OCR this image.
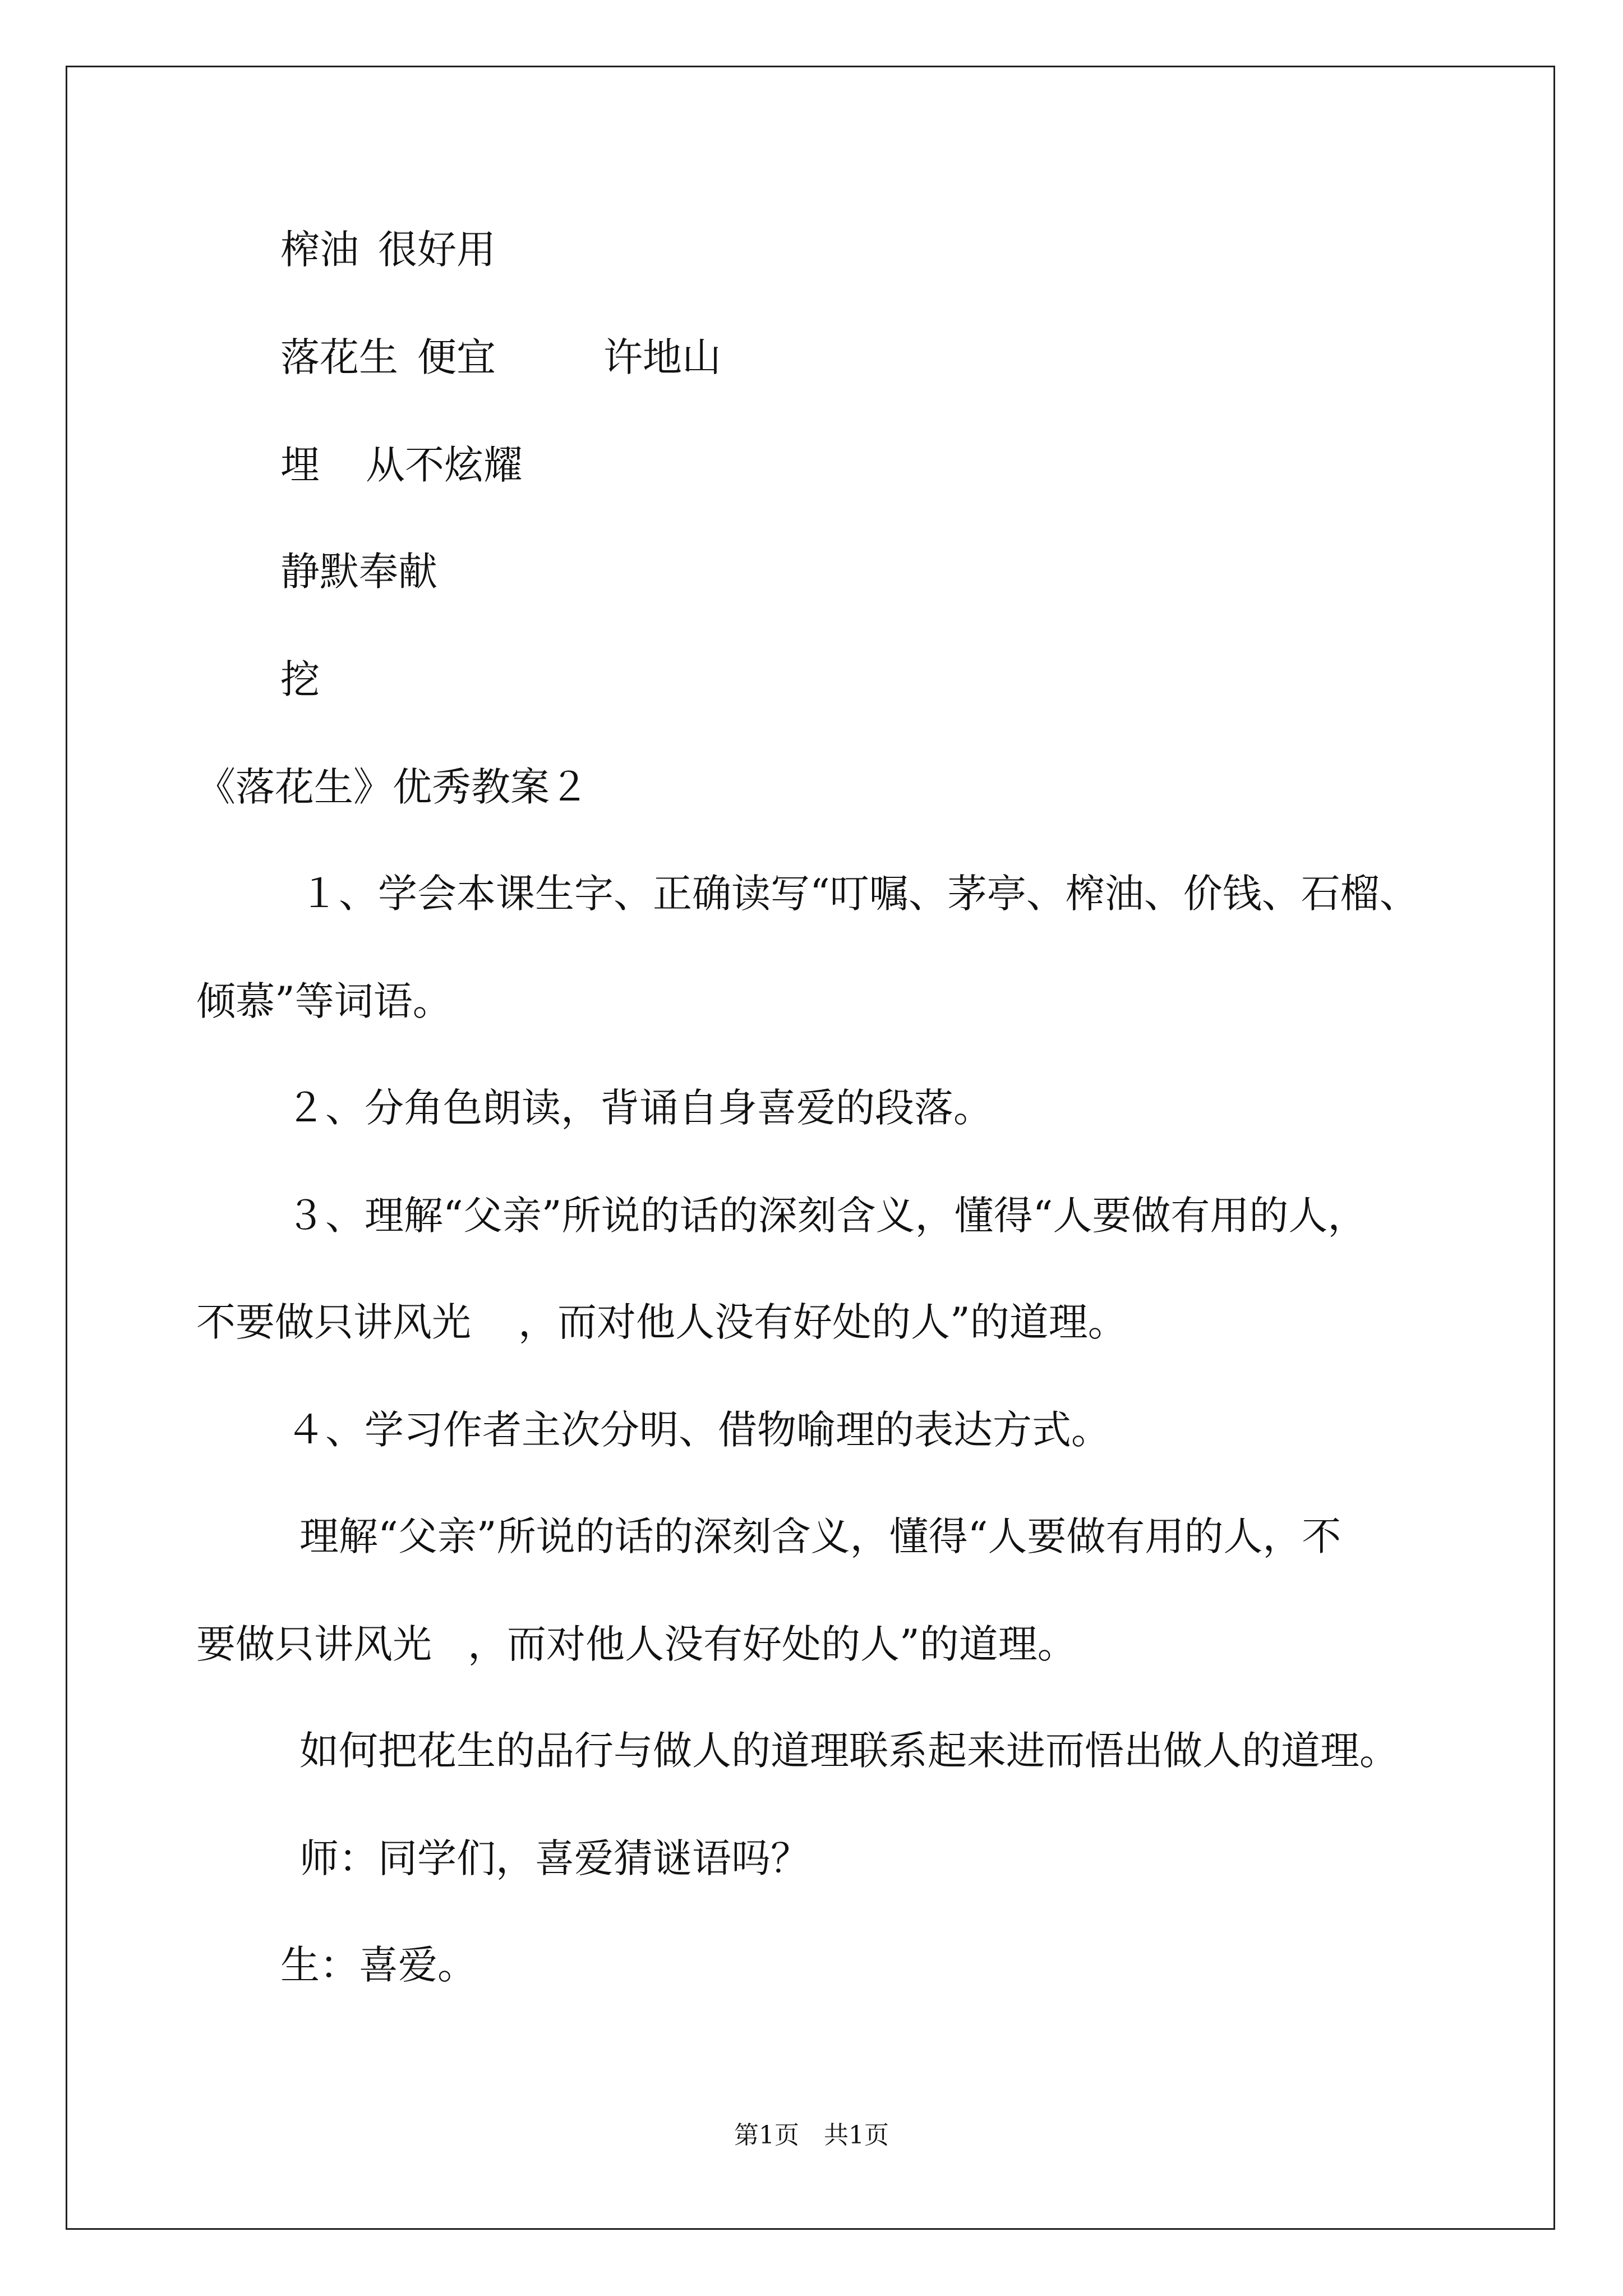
榨油 很好用
落花生 便宜	许地山
埋 从不炫耀
静默奉献
挖
《落花生》优秀教案２
１、学会本课生字、正确读写“叮嘱、茅亭、榨油、价钱、石榴、
倾慕”等词语。
２、分角色朗读，背诵自身喜爱的段落。
３、理解“父亲”所说的话的深刻含义，懂得“人要做有用的人，
不要做只讲风光 ，而对他人没有好处的人”的道理。
４、学习作者主次分明、借物喻理的表达方式。
理解“父亲”所说的话的深刻含义，懂得“人要做有用的人，不
要做只讲风光 ，而对他人没有好处的人”的道理。
如何把花生的品行与做人的道理联系起来进而悟出做人的道理。
师：同学们，喜爱猜谜语吗？
生：喜爱。
第1页 共1页
